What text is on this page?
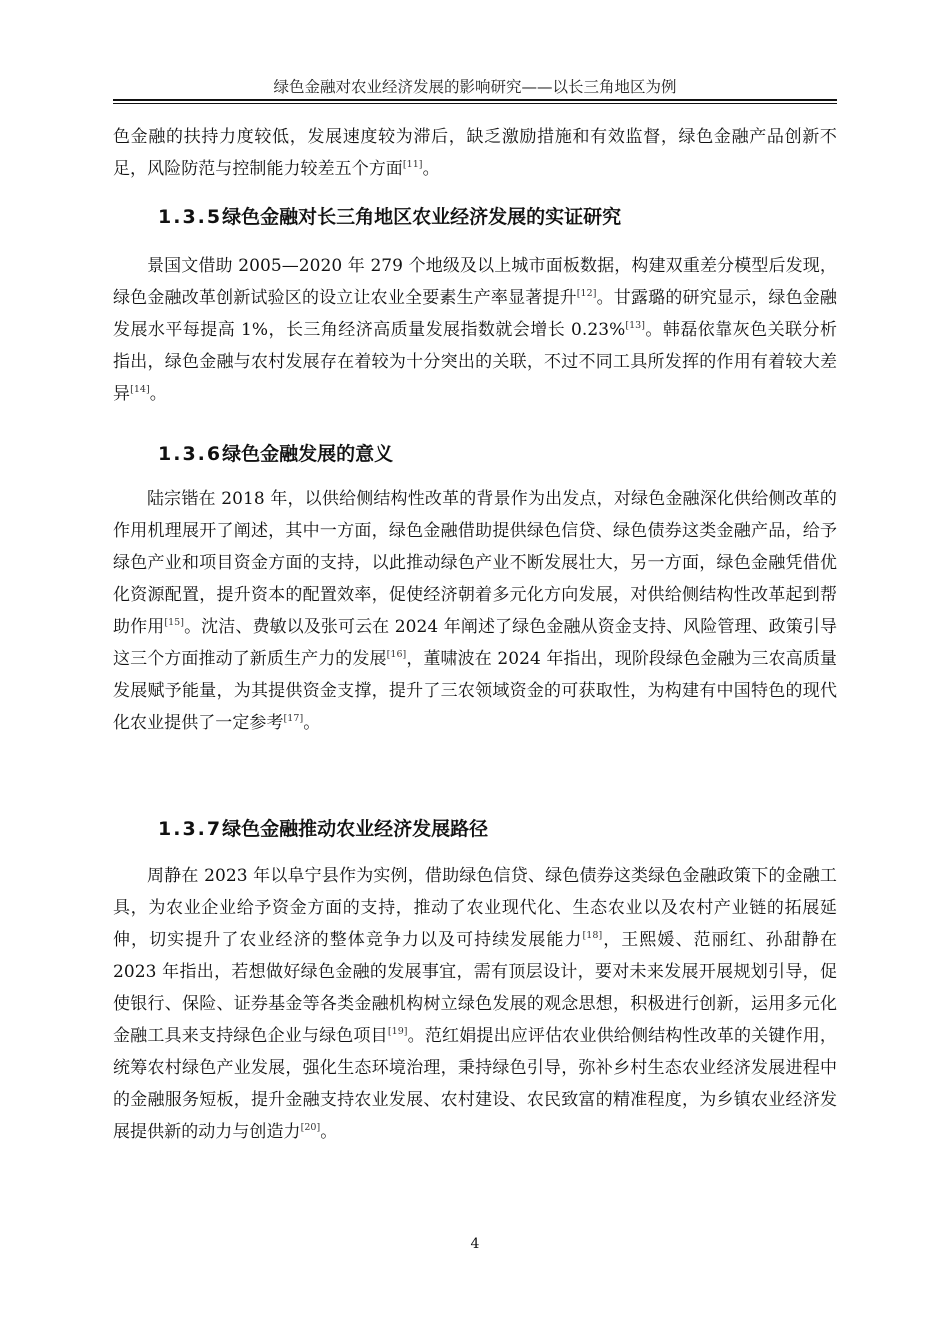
绿色金融对农业经济发展的影响研究——以长三角地区为例

色金融的扶持力度较低，发展速度较为滞后，缺乏激励措施和有效监督，绿色金融产品创新不足，风险防范与控制能力较差五个方面[11]。

1.3.5绿色金融对长三角地区农业经济发展的实证研究

景国文借助 2005—2020 年 279 个地级及以上城市面板数据，构建双重差分模型后发现，绿色金融改革创新试验区的设立让农业全要素生产率显著提升[12]。甘露璐的研究显示，绿色金融发展水平每提高 1%，长三角经济高质量发展指数就会增长 0.23%[13]。韩磊依靠灰色关联分析指出，绿色金融与农村发展存在着较为十分突出的关联，不过不同工具所发挥的作用有着较大差异[14]。

1.3.6绿色金融发展的意义

陆宗锴在 2018 年，以供给侧结构性改革的背景作为出发点，对绿色金融深化供给侧改革的作用机理展开了阐述，其中一方面，绿色金融借助提供绿色信贷、绿色债券这类金融产品，给予绿色产业和项目资金方面的支持，以此推动绿色产业不断发展壮大，另一方面，绿色金融凭借优化资源配置，提升资本的配置效率，促使经济朝着多元化方向发展，对供给侧结构性改革起到帮助作用[15]。沈洁、费敏以及张可云在 2024 年阐述了绿色金融从资金支持、风险管理、政策引导这三个方面推动了新质生产力的发展[16]，董啸波在 2024 年指出，现阶段绿色金融为三农高质量发展赋予能量，为其提供资金支撑，提升了三农领域资金的可获取性，为构建有中国特色的现代化农业提供了一定参考[17]。

1.3.7绿色金融推动农业经济发展路径

周静在 2023 年以阜宁县作为实例，借助绿色信贷、绿色债券这类绿色金融政策下的金融工具，为农业企业给予资金方面的支持，推动了农业现代化、生态农业以及农村产业链的拓展延伸，切实提升了农业经济的整体竞争力以及可持续发展能力[18]，王熙媛、范丽红、孙甜静在 2023 年指出，若想做好绿色金融的发展事宜，需有顶层设计，要对未来发展开展规划引导，促使银行、保险、证券基金等各类金融机构树立绿色发展的观念思想，积极进行创新，运用多元化金融工具来支持绿色企业与绿色项目[19]。范红娟提出应评估农业供给侧结构性改革的关键作用，统筹农村绿色产业发展，强化生态环境治理，秉持绿色引导，弥补乡村生态农业经济发展进程中的金融服务短板，提升金融支持农业发展、农村建设、农民致富的精准程度，为乡镇农业经济发展提供新的动力与创造力[20]。

4
